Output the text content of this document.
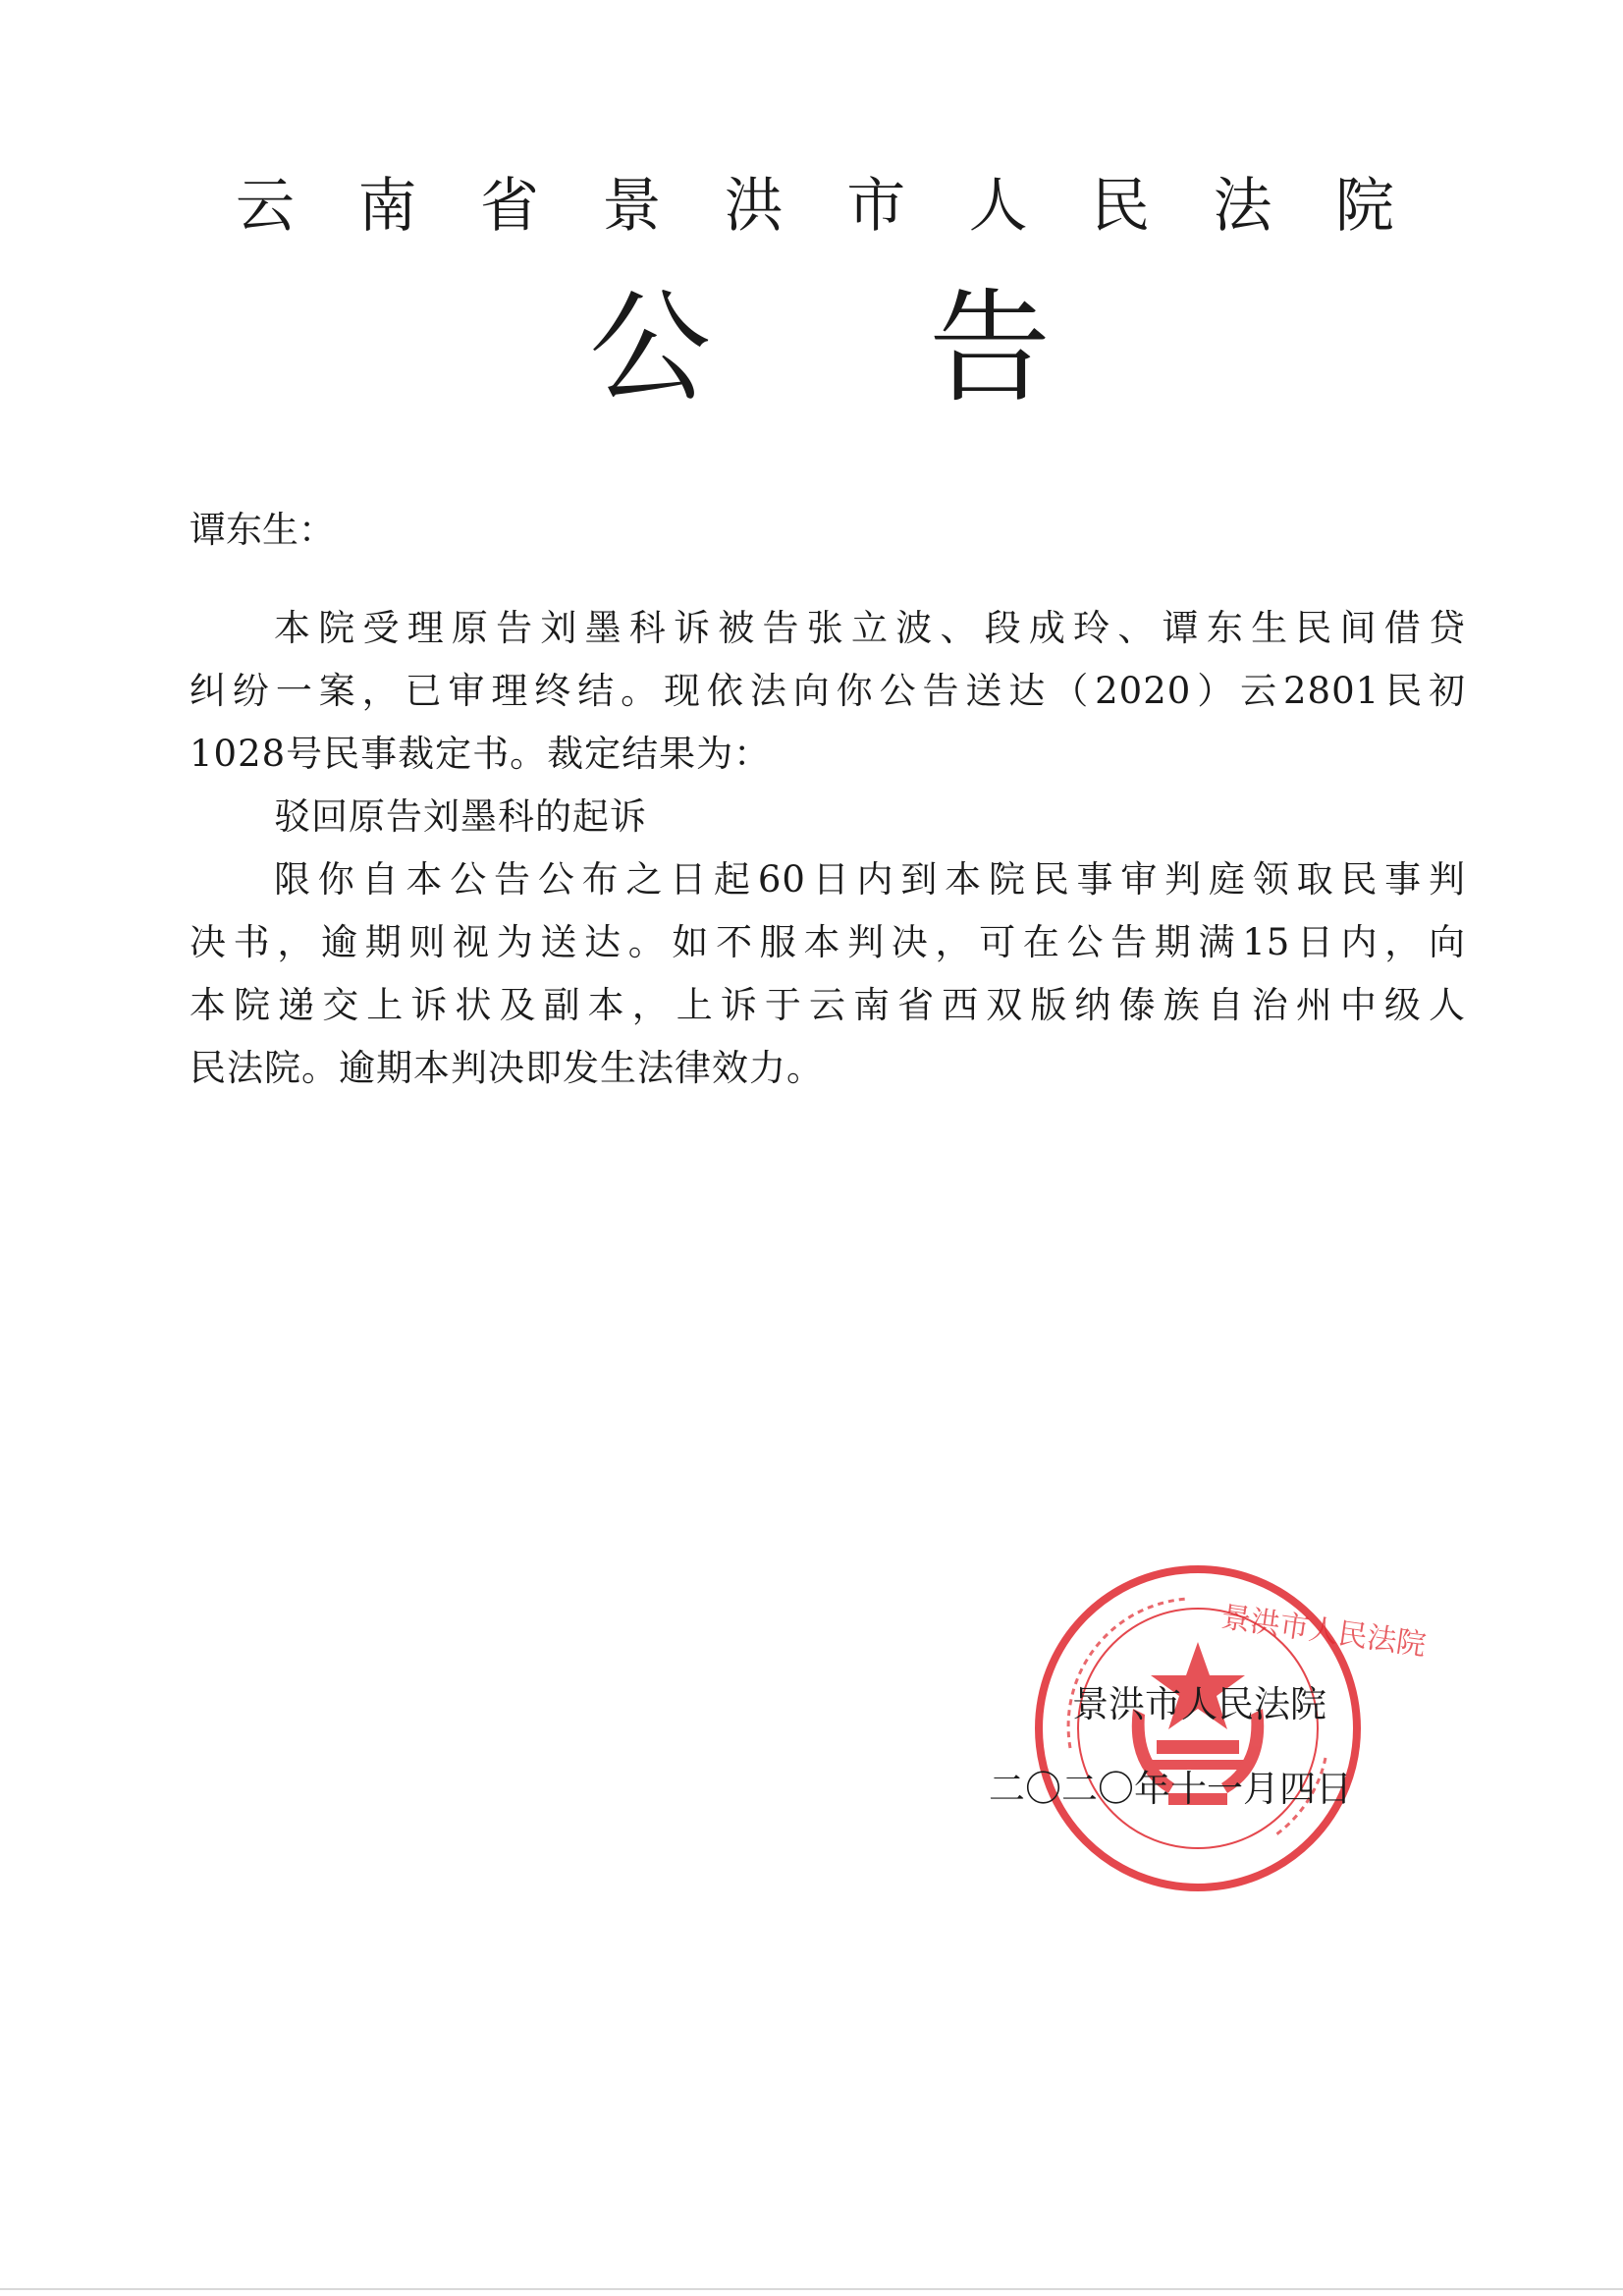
云 南 省 景 洪 市 人 民 法 院
公 告

谭东生：

本院受理原告刘墨科诉被告张立波、段成玲、谭东生民间借贷
纠纷一案，已审理终结。现依法向你公告送达（2020）云2801民初
1028号民事裁定书。裁定结果为：
驳回原告刘墨科的起诉
限你自本公告公布之日起60日内到本院民事审判庭领取民事判
决书，逾期则视为送达。如不服本判决，可在公告期满15日内，向
本院递交上诉状及副本，上诉于云南省西双版纳傣族自治州中级人
民法院。逾期本判决即发生法律效力。
景洪市人民法院

景洪市人民法院

二〇二〇年十一月四日
